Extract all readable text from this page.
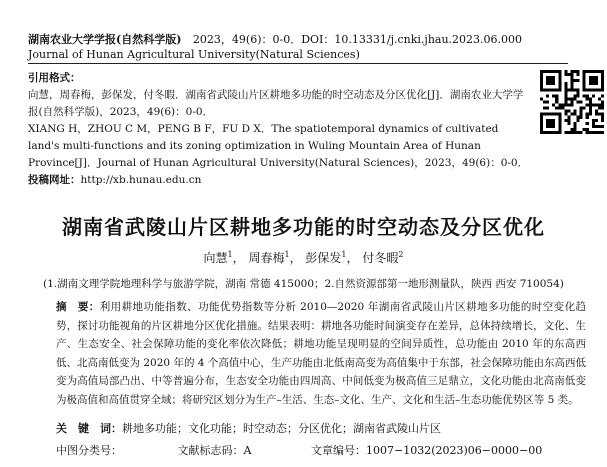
湖南农业大学学报(自然科学版) 2023，49(6)：0-0．DOI：10.13331/j.cnki.jhau.2023.06.000
Journal of Hunan Agricultural University(Natural Sciences)
引用格式：
向慧，周春梅，彭保发，付冬暇．湖南省武陵山片区耕地多功能的时空动态及分区优化[J]．湖南农业大学学报(自然科学版)，2023，49(6)：0-0．
XIANG H，ZHOU C M，PENG B F，FU D X．The spatiotemporal dynamics of cultivated land's multi-functions and its zoning optimization in Wuling Mountain Area of Hunan Province[J]．Journal of Hunan Agricultural University(Natural Sciences)，2023，49(6)：0-0．
投稿网址：http://xb.hunau.edu.cn
湖南省武陵山片区耕地多功能的时空动态及分区优化
向慧$^1$， 周春梅$^1$， 彭保发$^1$， 付冬暇$^2$
(1.湖南文理学院地理科学与旅游学院，湖南 常德 415000；2.自然资源部第一地形测量队，陕西 西安 710054)
摘　要：利用耕地功能指数、功能优势指数等分析 2010—2020 年湖南省武陵山片区耕地多功能的时空变化趋势，探讨功能视角的片区耕地分区优化措施。结果表明：耕地各功能时间演变存在差异，总体持续增长，文化、生产、生态安全、社会保障功能的变化率依次降低；耕地功能呈现明显的空间异质性，总功能由 2010 年的东高西低、北高南低变为 2020 年的 4 个高值中心，生产功能由北低南高变为高值集中于东部，社会保障功能由东高西低变为高值局部凸出、中等普遍分布，生态安全功能由四周高、中间低变为极高值三足鼎立，文化功能由北高南低变为极高值和高值贯穿全域；将研究区划分为生产–生活、生态–文化、生产、文化和生活–生态功能优势区等 5 类。
关　键　词：耕地多功能；文化功能；时空动态；分区优化；湖南省武陵山片区
中图分类号：	文献标志码：A	文章编号：1007−1032(2023)06−0000−00
